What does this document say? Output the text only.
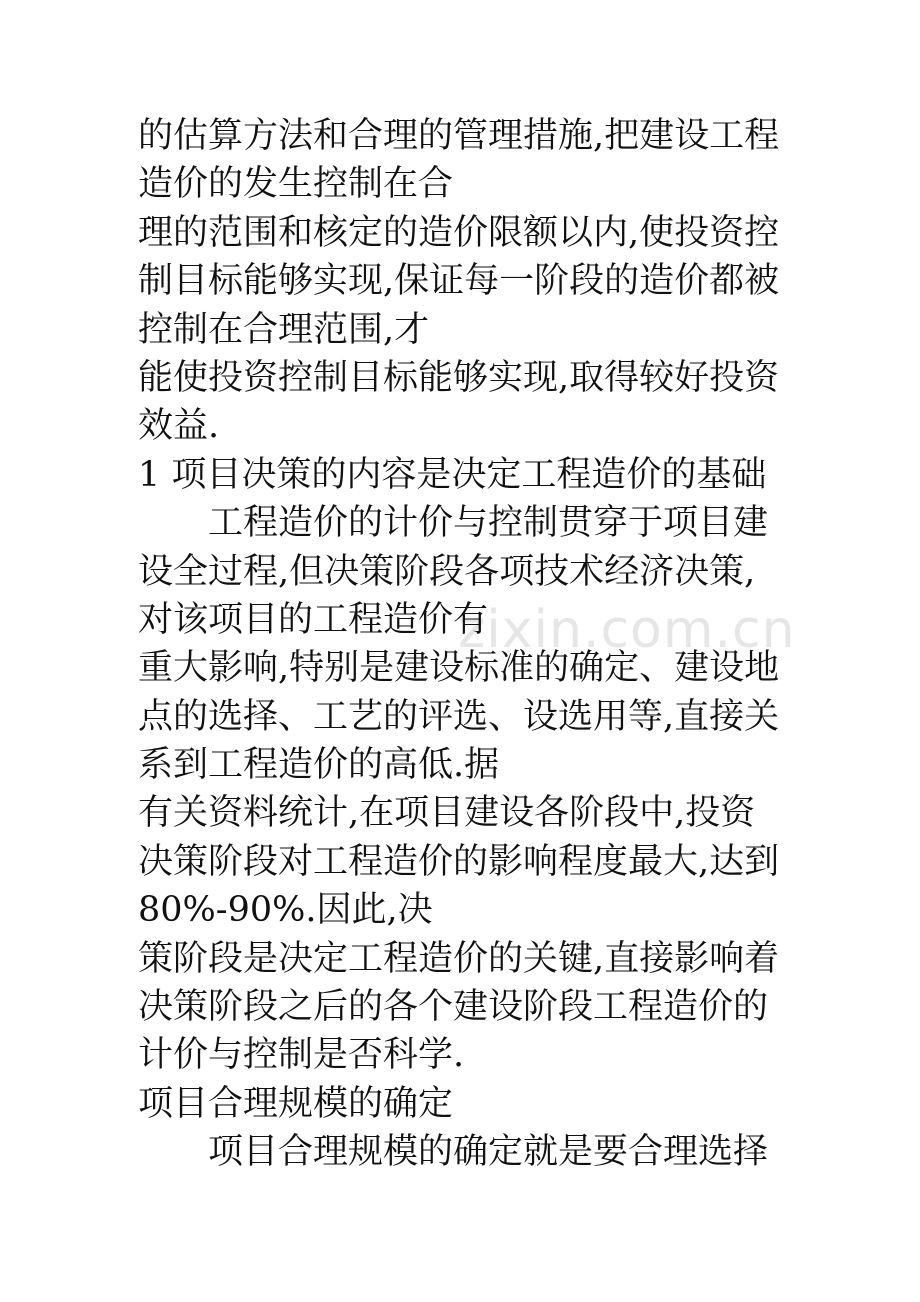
zixin.com.cn
的估算方法和合理的管理措施,把建设工程
造价的发生控制在合
理的范围和核定的造价限额以内,使投资控
制目标能够实现,保证每一阶段的造价都被
控制在合理范围,才
能使投资控制目标能够实现,取得较好投资
效益.
1 项目决策的内容是决定工程造价的基础
工程造价的计价与控制贯穿于项目建
设全过程,但决策阶段各项技术经济决策,
对该项目的工程造价有
重大影响,特别是建设标准的确定、建设地
点的选择、工艺的评选、设选用等,直接关
系到工程造价的高低.据
有关资料统计,在项目建设各阶段中,投资
决策阶段对工程造价的影响程度最大,达到
80%-90%.因此,决
策阶段是决定工程造价的关键,直接影响着
决策阶段之后的各个建设阶段工程造价的
计价与控制是否科学.
项目合理规模的确定
项目合理规模的确定就是要合理选择
